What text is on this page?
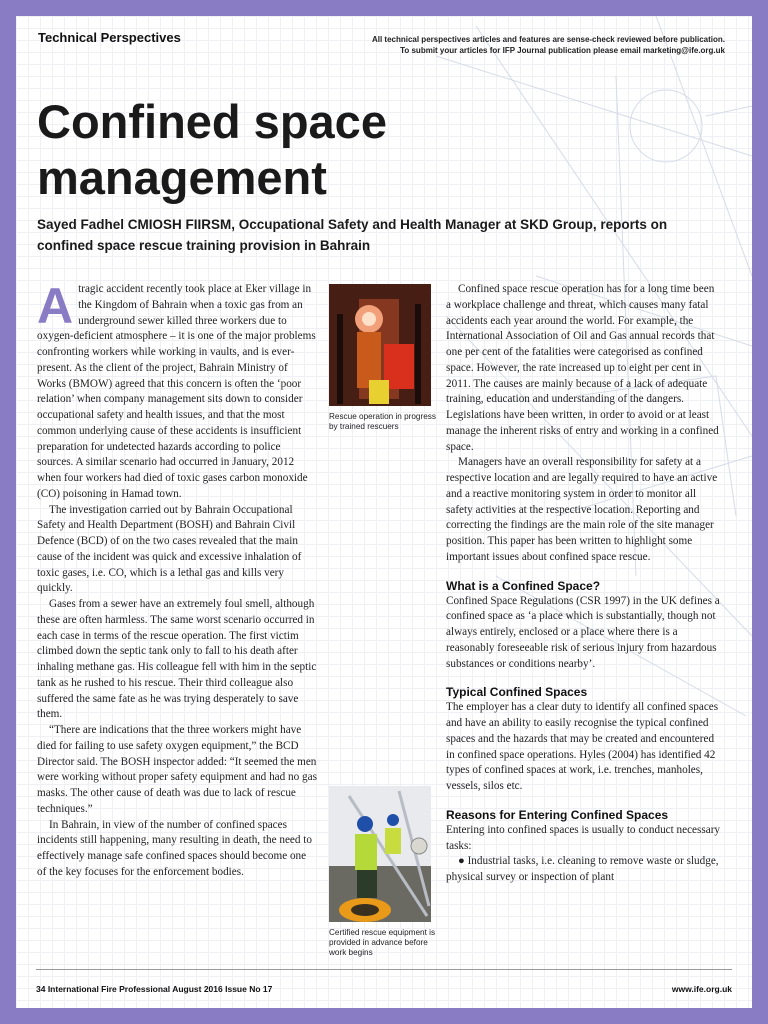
Technical Perspectives	All technical perspectives articles and features are sense-check reviewed before publication.
To submit your articles for IFP Journal publication please email marketing@ife.org.uk
Confined space
management
Sayed Fadhel CMIOSH FIIRSM, Occupational Safety and Health Manager at SKD Group, reports on confined space rescue training provision in Bahrain

Atragic accident recently took place at Eker village in the Kingdom of Bahrain when a toxic gas from an underground sewer killed three workers due to oxygen-deficient atmosphere – it is one of the major problems confronting workers while working in vaults, and is ever-present. As the client of the project, Bahrain Ministry of Works (BMOW) agreed that this concern is often the ‘poor relation’ when company management sits down to consider occupational safety and health issues, and that the most common underlying cause of these accidents is insufficient preparation for undetected hazards according to police sources. A similar scenario had occurred in January, 2012 when four workers had died of toxic gases carbon monoxide (CO) poisoning in Hamad town.

The investigation carried out by Bahrain Occupational Safety and Health Department (BOSH) and Bahrain Civil Defence (BCD) of on the two cases revealed that the main cause of the incident was quick and excessive inhalation of toxic gases, i.e. CO, which is a lethal gas and kills very quickly.

Gases from a sewer have an extremely foul smell, although these are often harmless. The same worst scenario occurred in each case in terms of the rescue operation. The first victim climbed down the septic tank only to fall to his death after inhaling methane gas. His colleague fell with him in the septic tank as he rushed to his rescue. Their third colleague also suffered the same fate as he was trying desperately to save them.

“There are indications that the three workers might have died for failing to use safety oxygen equipment,” the BCD Director said. The BOSH inspector added: “It seemed the men were working without proper safety equipment and had no gas masks. The other cause of death was due to lack of rescue techniques.”

In Bahrain, in view of the number of confined spaces incidents still happening, many resulting in death, the need to effectively manage safe confined spaces should become one of the key focuses for the enforcement bodies.

Rescue operation in progress by trained rescuers
Certified rescue equipment is provided in advance before work begins

Confined space rescue operation has for a long time been a workplace challenge and threat, which causes many fatal accidents each year around the world. For example, the International Association of Oil and Gas annual records that one per cent of the fatalities were categorised as confined space. However, the rate increased up to eight per cent in 2011. The causes are mainly because of a lack of adequate training, education and understanding of the dangers. Legislations have been written, in order to avoid or at least manage the inherent risks of entry and working in a confined space.

Managers have an overall responsibility for safety at a respective location and are legally required to have an active and a reactive monitoring system in order to monitor all safety activities at the respective location. Reporting and correcting the findings are the main role of the site manager position. This paper has been written to highlight some important issues about confined space rescue.

What is a Confined Space?

Confined Space Regulations (CSR 1997) in the UK defines a confined space as ‘a place which is substantially, though not always entirely, enclosed or a place where there is a reasonably foreseeable risk of serious injury from hazardous substances or conditions nearby’.

Typical Confined Spaces

The employer has a clear duty to identify all confined spaces and have an ability to easily recognise the typical confined spaces and the hazards that may be created and encountered in confined space operations. Hyles (2004) has identified 42 types of confined spaces at work, i.e. trenches, manholes, vessels, silos etc.

Reasons for Entering Confined Spaces

Entering into confined spaces is usually to conduct necessary tasks:

● Industrial tasks, i.e. cleaning to remove waste or sludge, physical survey or inspection of plant

34 International Fire Professional August 2016 Issue No 17	www.ife.org.uk
